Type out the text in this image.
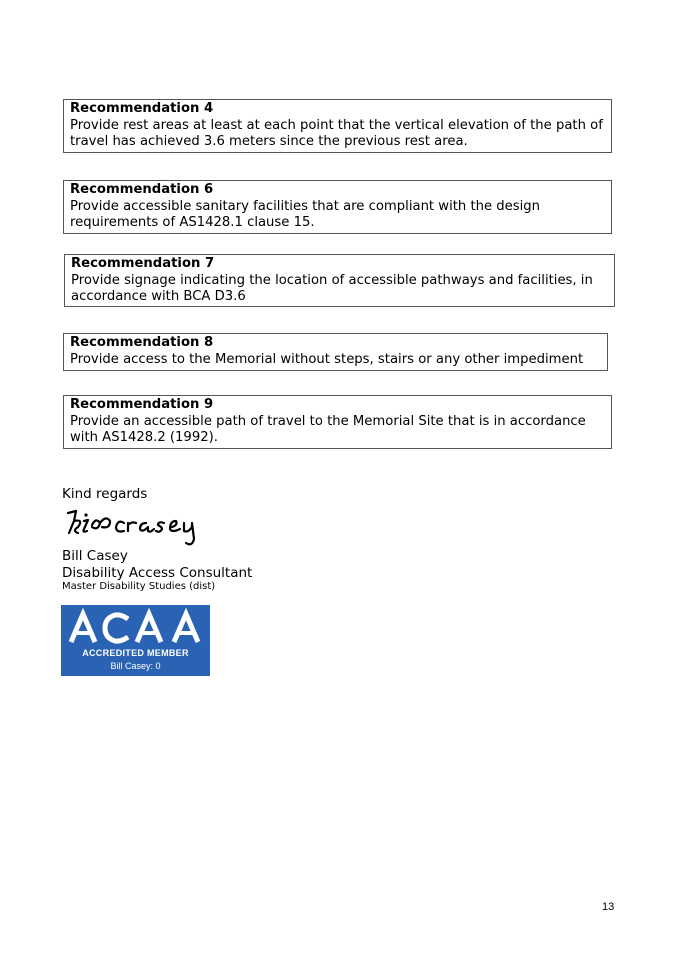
Recommendation 4
Provide rest areas at least at each point that the vertical elevation of the path of travel has achieved 3.6 meters since the previous rest area.
Recommendation 6
Provide accessible sanitary facilities that are compliant with the design requirements of AS1428.1 clause 15.
Recommendation 7
Provide signage indicating the location of accessible pathways and facilities, in accordance with BCA D3.6
Recommendation 8
Provide access to the Memorial without steps, stairs or any other impediment
Recommendation 9
Provide an accessible path of travel to the Memorial Site that is in accordance with AS1428.2 (1992).
Kind regards
Bill Casey
Disability Access Consultant
Master Disability Studies (dist)
ACCREDITED MEMBER
Bill Casey: 0
13
